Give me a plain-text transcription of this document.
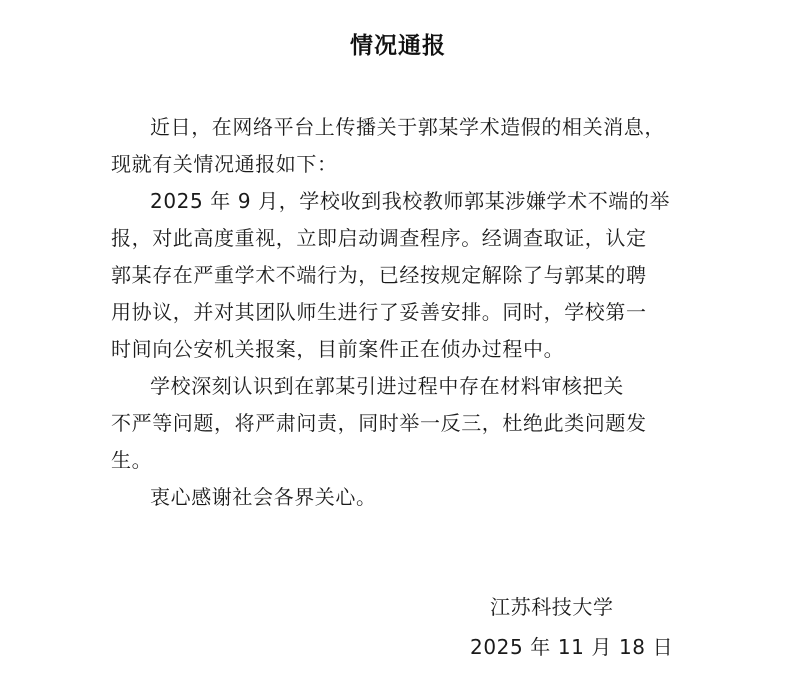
情况通报
近日，在网络平台上传播关于郭某学术造假的相关消息，
现就有关情况通报如下：
2025 年 9 月，学校收到我校教师郭某涉嫌学术不端的举
报，对此高度重视，立即启动调查程序。经调查取证，认定
郭某存在严重学术不端行为，已经按规定解除了与郭某的聘
用协议，并对其团队师生进行了妥善安排。同时，学校第一
时间向公安机关报案，目前案件正在侦办过程中。
学校深刻认识到在郭某引进过程中存在材料审核把关
不严等问题，将严肃问责，同时举一反三，杜绝此类问题发
生。
衷心感谢社会各界关心。
江苏科技大学
2025 年 11 月 18 日
